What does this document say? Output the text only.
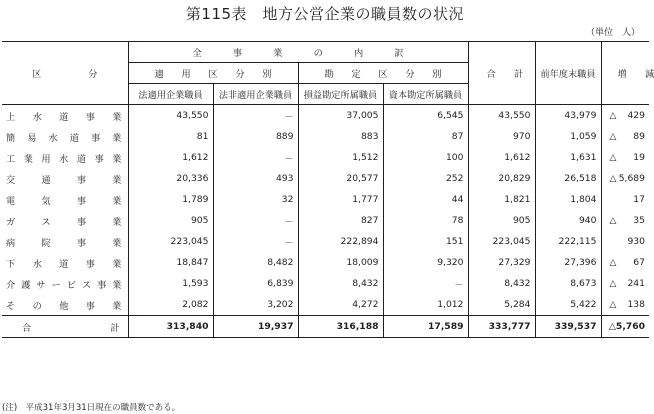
第115表　地方公営企業の職員数の状況
（単位　人）
区　　分	全　事　業　の　内　訳				合　　計	前年度末職員	増　　減

	適　用　区　分　別		勘　定　区　分　別				

	法適用企業職員	法非適用企業職員	損益勘定所属職員	資本勘定所属職員			
上水道事業	43,550	－	37,005	6,545	43,550	43,979	△ 429
簡易水道事業	81	889	883	87	970	1,059	△ 89
工業用水道事業	1,612	－	1,512	100	1,612	1,631	△ 19
交通事業	20,336	493	20,577	252	20,829	26,518	△ 5,689
電気事業	1,789	32	1,777	44	1,821	1,804	17
ガス事業	905	－	827	78	905	940	△ 35
病院事業	223,045	－	222,894	151	223,045	222,115	930
下水道事業	18,847	8,482	18,009	9,320	27,329	27,396	△ 67
介護サービス事業	1,593	6,839	8,432	－	8,432	8,673	△ 241
その他事業	2,082	3,202	4,272	1,012	5,284	5,422	△ 138
合計	313,840	19,937	316,188	17,589	333,777	339,537	△5,760
(注)　平成31年3月31日現在の職員数である。
